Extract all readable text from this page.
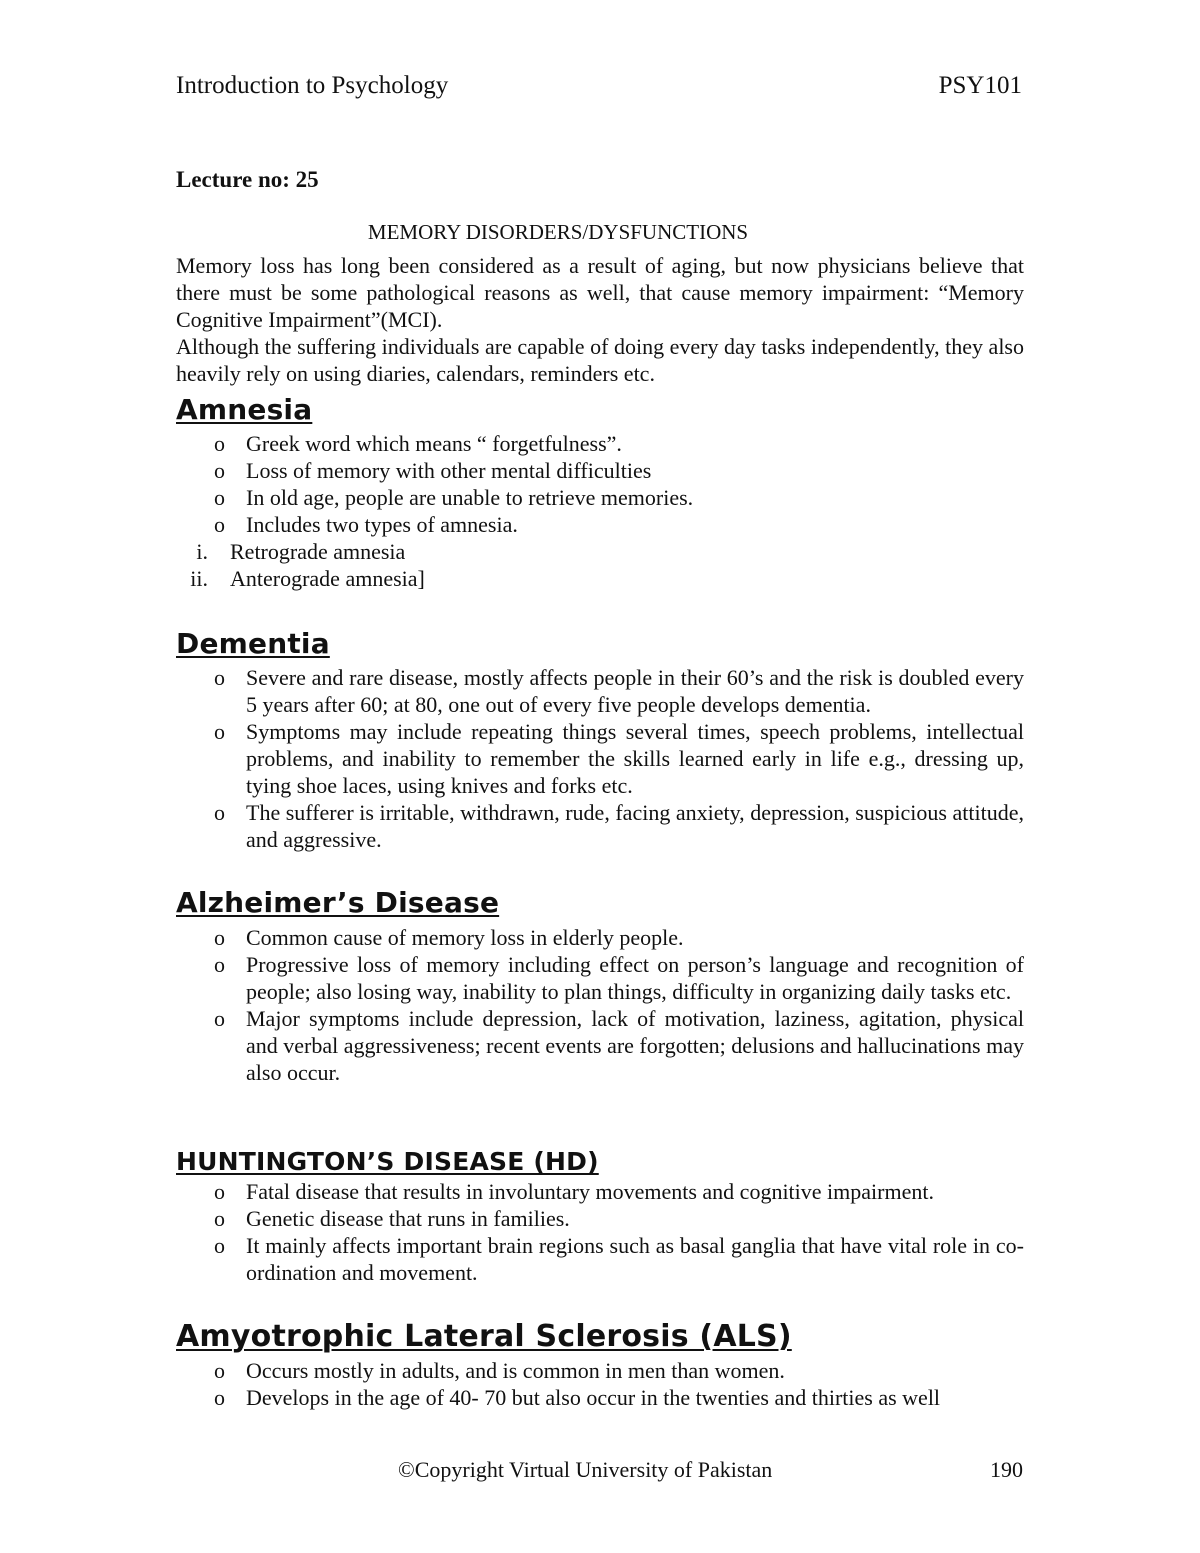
Introduction to Psychology	PSY101
Lecture no: 25
MEMORY DISORDERS/DYSFUNCTIONS

Memory loss has long been considered as a result of aging, but now physicians believe that there must be some pathological reasons as well, that cause memory impairment: “Memory Cognitive Impairment”(MCI).

Although the suffering individuals are capable of doing every day tasks independently, they also heavily rely on using diaries, calendars, reminders etc.

Amnesia
o Greek word which means “ forgetfulness”.
o Loss of memory with other mental difficulties
o In old age, people are unable to retrieve memories.
o Includes two types of amnesia.
i.	Retrograde amnesia
ii.	Anterograde amnesia]
Dementia
o Severe and rare disease, mostly affects people in their 60’s and the risk is doubled every 5 years after 60; at 80, one out of every five people develops dementia.
o Symptoms may include repeating things several times, speech problems, intellectual problems, and inability to remember the skills learned early in life e.g., dressing up, tying shoe laces, using knives and forks etc.
o The sufferer is irritable, withdrawn, rude, facing anxiety, depression, suspicious attitude, and aggressive.
Alzheimer’s Disease
o Common cause of memory loss in elderly people.
o Progressive loss of memory including effect on person’s language and recognition of people; also losing way, inability to plan things, difficulty in organizing daily tasks etc.
o Major symptoms include depression, lack of motivation, laziness, agitation, physical and verbal aggressiveness; recent events are forgotten; delusions and hallucinations may also occur.
HUNTINGTON’S DISEASE (HD)
o Fatal disease that results in involuntary movements and cognitive impairment.
o Genetic disease that runs in families.
o It mainly affects important brain regions such as basal ganglia that have vital role in co-ordination and movement.
Amyotrophic Lateral Sclerosis (ALS)
o Occurs mostly in adults, and is common in men than women.
o Develops in the age of 40- 70 but also occur in the twenties and thirties as well
©Copyright Virtual University of Pakistan	190
